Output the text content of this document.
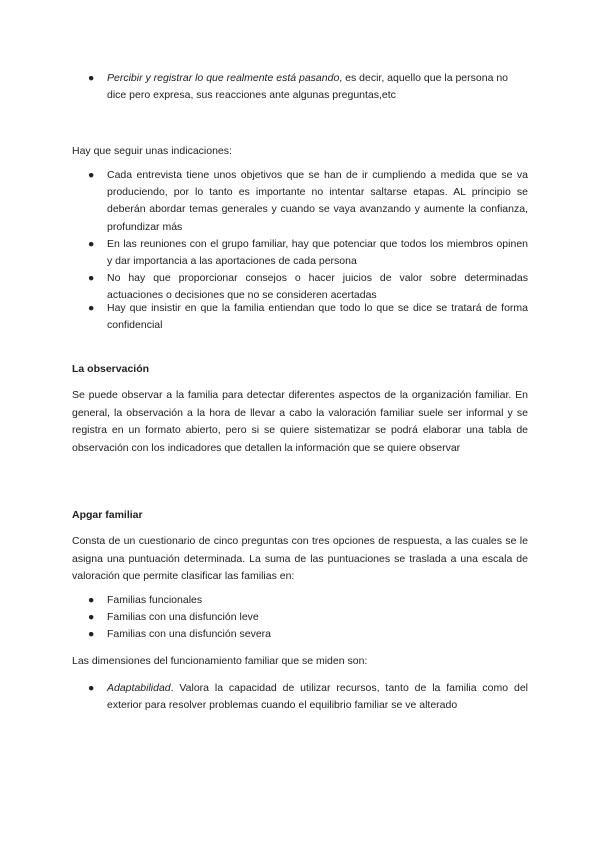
● Percibir y registrar lo que realmente está pasando, es decir, aquello que la persona no dice pero expresa, sus reacciones ante algunas preguntas,etc
Hay que seguir unas indicaciones:
● Cada entrevista tiene unos objetivos que se han de ir cumpliendo a medida que se va produciendo, por lo tanto es importante no intentar saltarse etapas. AL principio se deberán abordar temas generales y cuando se vaya avanzando y aumente la confianza, profundizar más
● En las reuniones con el grupo familiar, hay que potenciar que todos los miembros opinen y dar importancia a las aportaciones de cada persona
● No hay que proporcionar consejos o hacer juicios de valor sobre determinadas actuaciones o decisiones que no se consideren acertadas
● Hay que insistir en que la familia entiendan que todo lo que se dice se tratará de forma confidencial
La observación
Se puede observar a la familia para detectar diferentes aspectos de la organización familiar. En general, la observación a la hora de llevar a cabo la valoración familiar suele ser informal y se registra en un formato abierto, pero si se quiere sistematizar se podrá elaborar una tabla de observación con los indicadores que detallen la información que se quiere observar
Apgar familiar
Consta de un cuestionario de cinco preguntas con tres opciones de respuesta, a las cuales se le asigna una puntuación determinada. La suma de las puntuaciones se traslada a una escala de valoración que permite clasificar las familias en:
● Familias funcionales
● Familias con una disfunción leve
● Familias con una disfunción severa
Las dimensiones del funcionamiento familiar que se miden son:
● Adaptabilidad. Valora la capacidad de utilizar recursos, tanto de la familia como del exterior para resolver problemas cuando el equilibrio familiar se ve alterado
